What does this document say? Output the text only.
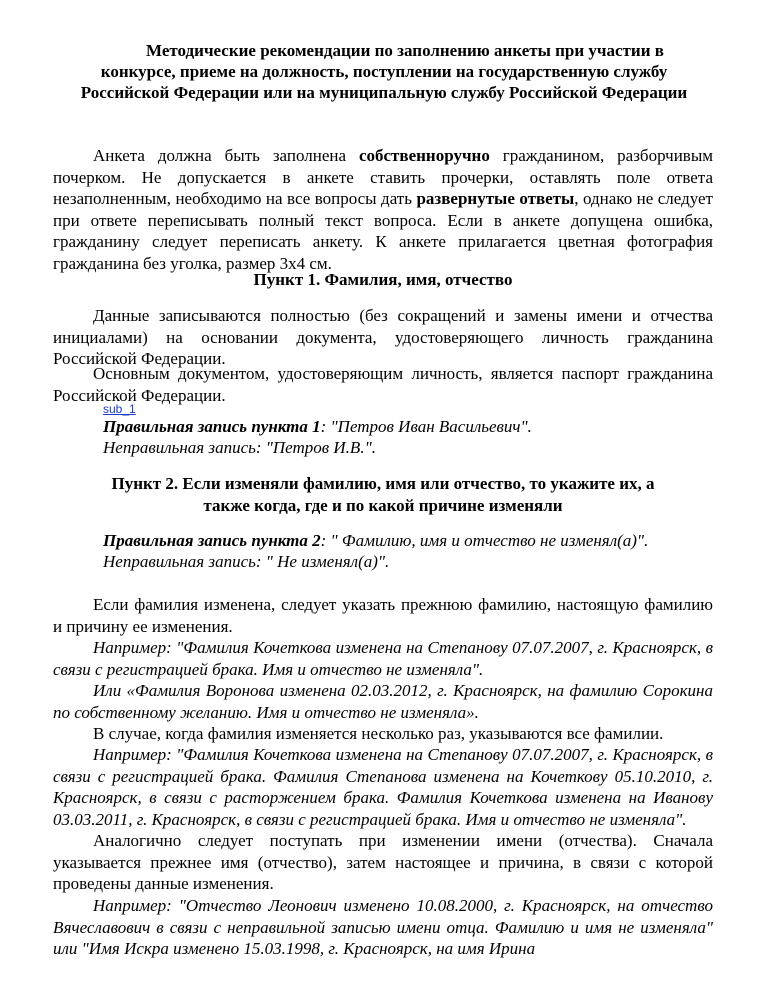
Методические рекомендации по заполнению анкеты при участии в
конкурсе, приеме на должность, поступлении на государственную службу
Российской Федерации или на муниципальную службу Российской Федерации
Анкета должна быть заполнена собственноручно гражданином, разборчивым почерком. Не допускается в анкете ставить прочерки, оставлять поле ответа незаполненным, необходимо на все вопросы дать развернутые ответы, однако не следует при ответе переписывать полный текст вопроса. Если в анкете допущена ошибка, гражданину следует переписать анкету. К анкете прилагается цветная фотография гражданина без уголка, размер 3х4 см.
Пункт 1. Фамилия, имя, отчество
Данные записываются полностью (без сокращений и замены имени и отчества инициалами) на основании документа, удостоверяющего личность гражданина Российской Федерации.
Основным документом, удостоверяющим личность, является паспорт гражданина Российской Федерации.
sub_1
Правильная запись пункта 1: "Петров Иван Васильевич".
Неправильная запись: "Петров И.В.".
Пункт 2. Если изменяли фамилию, имя или отчество, то укажите их, а
также когда, где и по какой причине изменяли
Правильная запись пункта 2: " Фамилию, имя и отчество не изменял(а)".
Неправильная запись: " Не изменял(а)".
Если фамилия изменена, следует указать прежнюю фамилию, настоящую фамилию и причину ее изменения.
Например: "Фамилия Кочеткова изменена на Степанову 07.07.2007, г. Красноярск, в связи с регистрацией брака. Имя и отчество не изменяла".
Или «Фамилия Воронова изменена 02.03.2012, г. Красноярск, на фамилию Сорокина по собственному желанию. Имя и отчество не изменяла».
В случае, когда фамилия изменяется несколько раз, указываются все фамилии.
Например: "Фамилия Кочеткова изменена на Степанову 07.07.2007, г. Красноярск, в связи с регистрацией брака. Фамилия Степанова изменена на Кочеткову 05.10.2010, г. Красноярск, в связи с расторжением брака. Фамилия Кочеткова изменена на Иванову 03.03.2011, г. Красноярск, в связи с регистрацией брака. Имя и отчество не изменяла".
Аналогично следует поступать при изменении имени (отчества). Сначала указывается прежнее имя (отчество), затем настоящее и причина, в связи с которой проведены данные изменения.
Например: "Отчество Леонович изменено 10.08.2000, г. Красноярск, на отчество Вячеславович в связи с неправильной записью имени отца. Фамилию и имя не изменяла" или "Имя Искра изменено 15.03.1998, г. Красноярск, на имя Ирина
